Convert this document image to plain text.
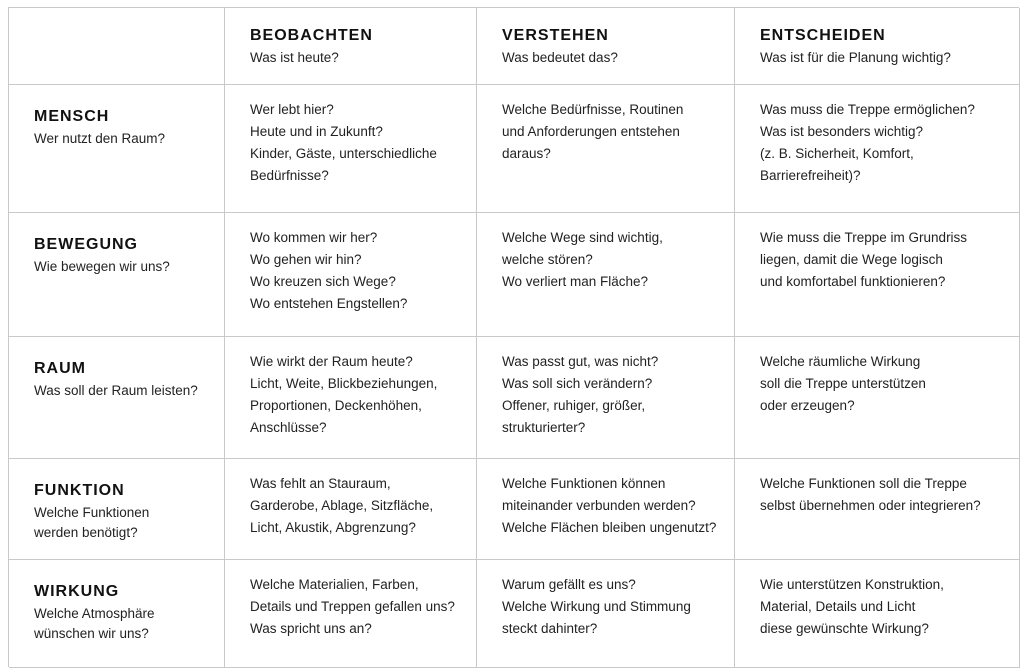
BEOBACHTEN
Was ist heute?
VERSTEHEN
Was bedeutet das?
ENTSCHEIDEN
Was ist für die Planung wichtig?
MENSCH
Wer nutzt den Raum?
Wer lebt hier?
Heute und in Zukunft?
Kinder, Gäste, unterschiedliche
Bedürfnisse?
Welche Bedürfnisse, Routinen
und Anforderungen entstehen
daraus?
Was muss die Treppe ermöglichen?
Was ist besonders wichtig?
(z. B. Sicherheit, Komfort,
Barrierefreiheit)?
BEWEGUNG
Wie bewegen wir uns?
Wo kommen wir her?
Wo gehen wir hin?
Wo kreuzen sich Wege?
Wo entstehen Engstellen?
Welche Wege sind wichtig,
welche stören?
Wo verliert man Fläche?
Wie muss die Treppe im Grundriss
liegen, damit die Wege logisch
und komfortabel funktionieren?
RAUM
Was soll der Raum leisten?
Wie wirkt der Raum heute?
Licht, Weite, Blickbeziehungen,
Proportionen, Deckenhöhen,
Anschlüsse?
Was passt gut, was nicht?
Was soll sich verändern?
Offener, ruhiger, größer,
strukturierter?
Welche räumliche Wirkung
soll die Treppe unterstützen
oder erzeugen?
FUNKTION
Welche Funktionen
werden benötigt?
Was fehlt an Stauraum,
Garderobe, Ablage, Sitzfläche,
Licht, Akustik, Abgrenzung?
Welche Funktionen können
miteinander verbunden werden?
Welche Flächen bleiben ungenutzt?
Welche Funktionen soll die Treppe
selbst übernehmen oder integrieren?
WIRKUNG
Welche Atmosphäre
wünschen wir uns?
Welche Materialien, Farben,
Details und Treppen gefallen uns?
Was spricht uns an?
Warum gefällt es uns?
Welche Wirkung und Stimmung
steckt dahinter?
Wie unterstützen Konstruktion,
Material, Details und Licht
diese gewünschte Wirkung?
